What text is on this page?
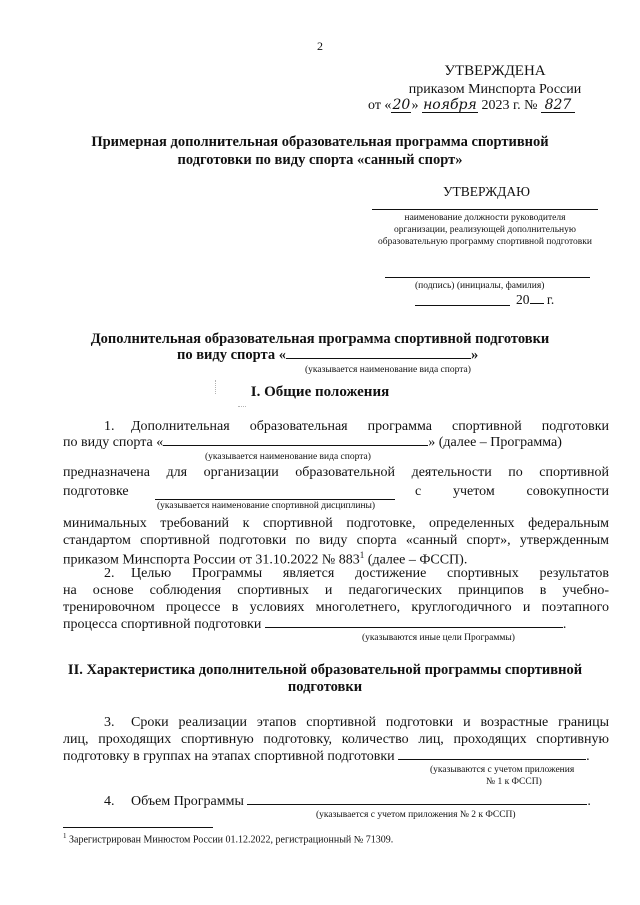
2
УТВЕРЖДЕНА
приказом Минспорта России
от «20» ноября 2023 г. № 827
Примерная дополнительная образовательная программа спортивной
подготовки по виду спорта «санный спорт»
УТВЕРЖДАЮ
наименование должности руководителя
организации, реализующей дополнительную
образовательную программу спортивной подготовки
(подпись) (инициалы, фамилия)
20 г.
Дополнительная образовательная программа спортивной подготовки
по виду спорта «	»
(указывается наименование вида спорта)
I. Общие положения
1. Дополнительная образовательная программа спортивной подготовки
по виду спорта «	» (далее – Программа)
(указывается наименование вида спорта)
предназначена для организации образовательной деятельности по спортивной
подготовке	с учетом совокупности
(указывается наименование спортивной дисциплины)
минимальных требований к спортивной подготовке, определенных федеральным
стандартом спортивной подготовки по виду спорта «санный спорт», утвержденным
приказом Минспорта России от 31.10.2022 № $883^1$ (далее – ФССП).
2. Целью Программы является достижение спортивных результатов
на основе соблюдения спортивных и педагогических принципов в учебно-
тренировочном процессе в условиях многолетнего, круглогодичного и поэтапного
процесса спортивной подготовки	.
(указываются иные цели Программы)
II. Характеристика дополнительной образовательной программы спортивной
подготовки
3. Сроки реализации этапов спортивной подготовки и возрастные границы
лиц, проходящих спортивную подготовку, количество лиц, проходящих спортивную
подготовку в группах на этапах спортивной подготовки	.
(указываются с учетом приложения
№ 1 к ФССП)
4. Объем Программы	.
(указывается с учетом приложения № 2 к ФССП)
$^1$ Зарегистрирован Минюстом России 01.12.2022, регистрационный № 71309.
